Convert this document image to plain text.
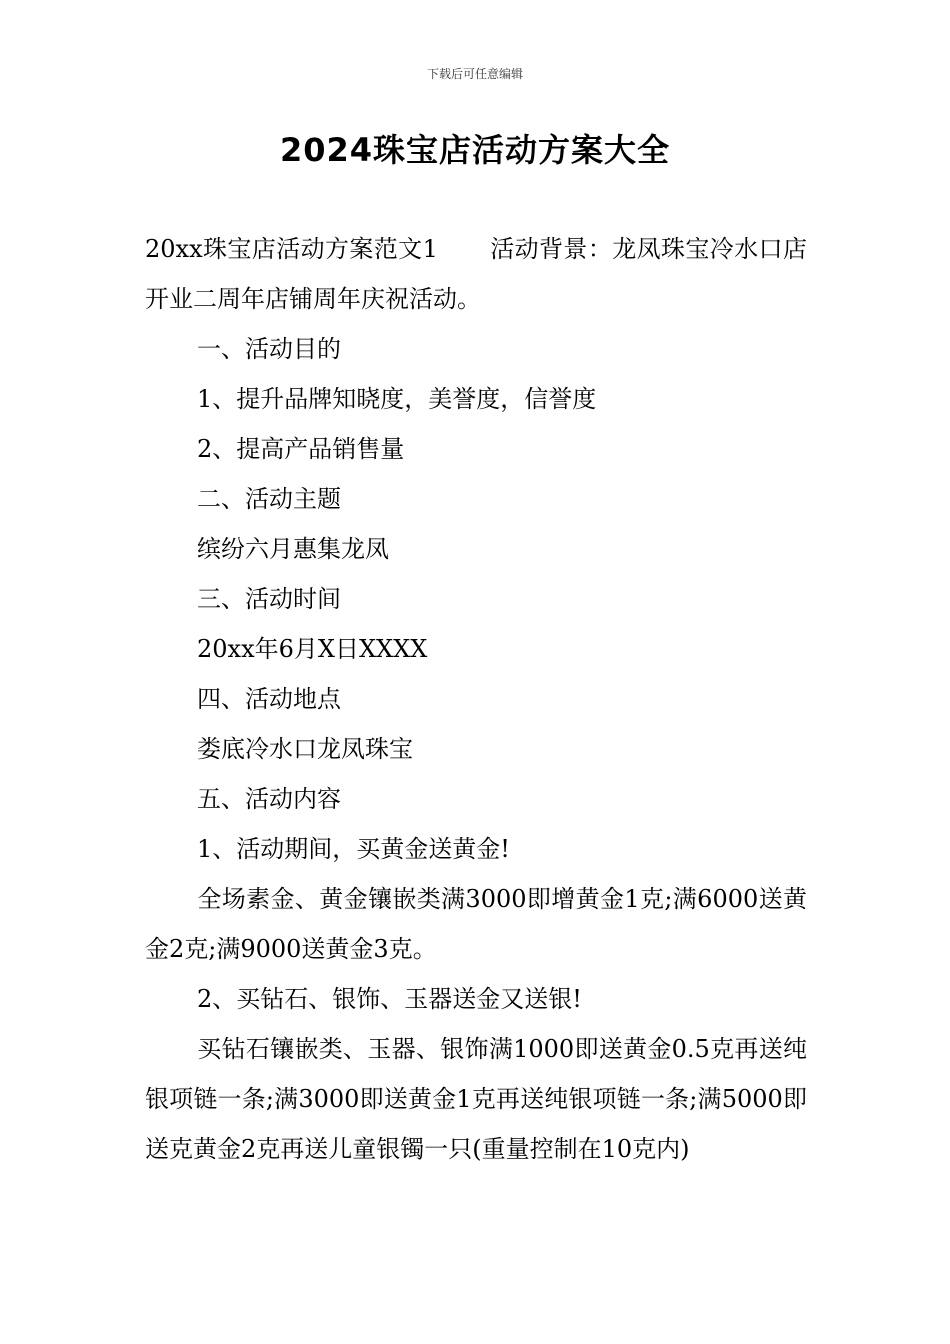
下载后可任意编辑
2024珠宝店活动方案大全

20xx珠宝店活动方案范文1 活动背景：龙凤珠宝冷水口店开业二周年店铺周年庆祝活动。

一、活动目的

1、提升品牌知晓度，美誉度，信誉度

2、提高产品销售量

二、活动主题

缤纷六月惠集龙凤

三、活动时间

20xx年6月X日XXXX

四、活动地点

娄底冷水口龙凤珠宝

五、活动内容

1、活动期间，买黄金送黄金!

全场素金、黄金镶嵌类满3000即增黄金1克;满6000送黄金2克;满9000送黄金3克。

2、买钻石、银饰、玉器送金又送银!

买钻石镶嵌类、玉器、银饰满1000即送黄金0.5克再送纯银项链一条;满3000即送黄金1克再送纯银项链一条;满5000即送克黄金2克再送儿童银镯一只(重量控制在10克内)
